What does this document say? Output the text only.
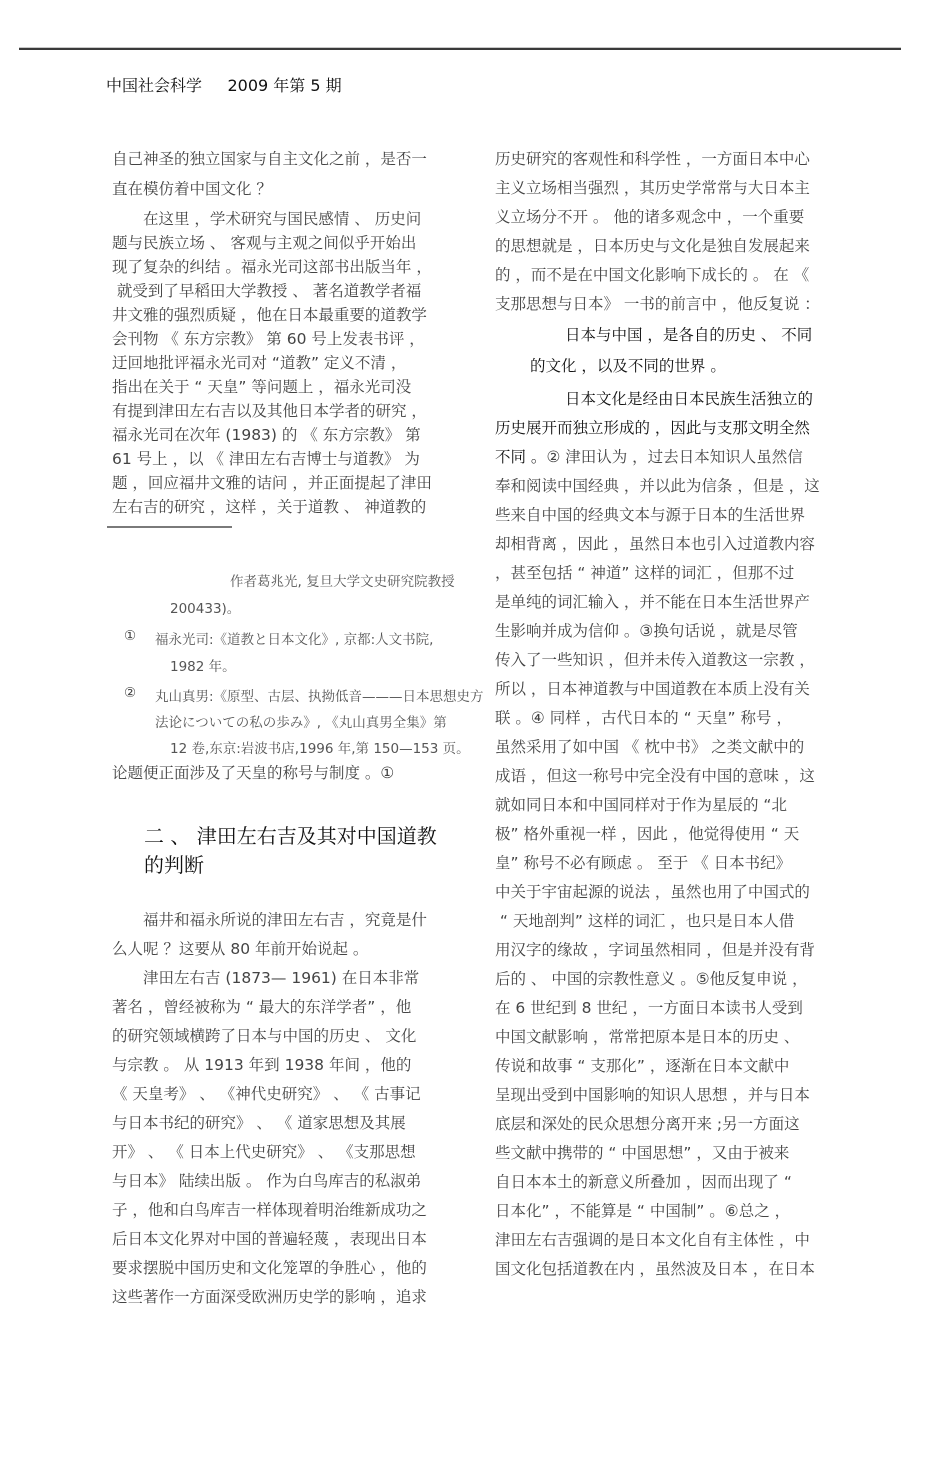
中国社会科学 2009 年第 5 期
自己神圣的独立国家与自主文化之前 ，是否一
直在模仿着中国文化 ？
　　在这里 ，学术研究与国民感情 、 历史问
题与民族立场 、 客观与主观之间似乎开始出
现了复杂的纠结 。福永光司这部书出版当年 ，
就受到了早稻田大学教授 、 著名道教学者福
井文雅的强烈质疑 ，他在日本最重要的道教学
会刊物 《 东方宗教》 第 60 号上发表书评 ，
迂回地批评福永光司对 “道教” 定义不清 ，
指出在关于 “ 天皇” 等问题上 ，福永光司没
有提到津田左右吉以及其他日本学者的研究 ，
福永光司在次年 (1983) 的 《 东方宗教》 第
61 号上 ，以 《 津田左右吉博士与道教》 为
题 ，回应福井文雅的诘问 ，并正面提起了津田
左右吉的研究 ，这样 ，关于道教 、 神道教的
作者葛兆光, 复旦大学文史研究院教授
200433)。
① 福永光司:《道教と日本文化》, 京都:人文书院,
1982 年。
② 丸山真男:《原型、古层、执拗低音———日本思想史方
法论についての私の歩み》, 《丸山真男全集》第
12 卷,东京:岩波书店,1996 年,第 150—153 页。
论题便正面涉及了天皇的称号与制度 。①
二 、 津田左右吉及其对中国道教
的判断
　　福井和福永所说的津田左右吉 ，究竟是什
么人呢 ？这要从 80 年前开始说起 。
　　津田左右吉 (1873— 1961) 在日本非常
著名 ，曾经被称为 “ 最大的东洋学者” ，他
的研究领域横跨了日本与中国的历史 、 文化
与宗教 。 从 1913 年到 1938 年间 ，他的
《 天皇考》 、 《神代史研究》 、 《 古事记
与日本书纪的研究》 、 《 道家思想及其展
开》 、 《 日本上代史研究》 、 《支那思想
与日本》 陆续出版 。 作为白鸟库吉的私淑弟
子 ，他和白鸟库吉一样体现着明治维新成功之
后日本文化界对中国的普遍轻蔑 ，表现出日本
要求摆脱中国历史和文化笼罩的争胜心 ，他的
这些著作一方面深受欧洲历史学的影响 ，追求
历史研究的客观性和科学性 ，一方面日本中心
主义立场相当强烈 ，其历史学常常与大日本主
义立场分不开 。 他的诸多观念中 ，一个重要
的思想就是 ，日本历史与文化是独自发展起来
的 ，而不是在中国文化影响下成长的 。 在 《
支那思想与日本》 一书的前言中 ，他反复说 ：
日本与中国 ，是各自的历史 、 不同
的文化 ，以及不同的世界 。
日本文化是经由日本民族生活独立的
历史展开而独立形成的 ，因此与支那文明全然
不同 。② 津田认为 ，过去日本知识人虽然信
奉和阅读中国经典 ，并以此为信条 ，但是 ，这
些来自中国的经典文本与源于日本的生活世界
却相背离 ，因此 ，虽然日本也引入过道教内容
，甚至包括 “ 神道” 这样的词汇 ，但那不过
是单纯的词汇输入 ，并不能在日本生活世界产
生影响并成为信仰 。③换句话说 ，就是尽管
传入了一些知识 ，但并未传入道教这一宗教 ，
所以 ，日本神道教与中国道教在本质上没有关
联 。④ 同样 ，古代日本的 “ 天皇” 称号 ，
虽然采用了如中国 《 枕中书》 之类文献中的
成语 ，但这一称号中完全没有中国的意味 ，这
就如同日本和中国同样对于作为星辰的 “北
极” 格外重视一样 ，因此 ，他觉得使用 “ 天
皇” 称号不必有顾虑 。 至于 《 日本书纪》
中关于宇宙起源的说法 ，虽然也用了中国式的
“ 天地剖判” 这样的词汇 ，也只是日本人借
用汉字的缘故 ，字词虽然相同 ，但是并没有背
后的 、 中国的宗教性意义 。⑤他反复申说 ，
在 6 世纪到 8 世纪 ，一方面日本读书人受到
中国文献影响 ，常常把原本是日本的历史 、
传说和故事 “ 支那化” ，逐渐在日本文献中
呈现出受到中国影响的知识人思想 ，并与日本
底层和深处的民众思想分离开来 ;另一方面这
些文献中携带的 “ 中国思想” ，又由于被来
自日本本土的新意义所叠加 ，因而出现了 “
日本化” ，不能算是 “ 中国制” 。⑥总之 ，
津田左右吉强调的是日本文化自有主体性 ，中
国文化包括道教在内 ，虽然波及日本 ，在日本
